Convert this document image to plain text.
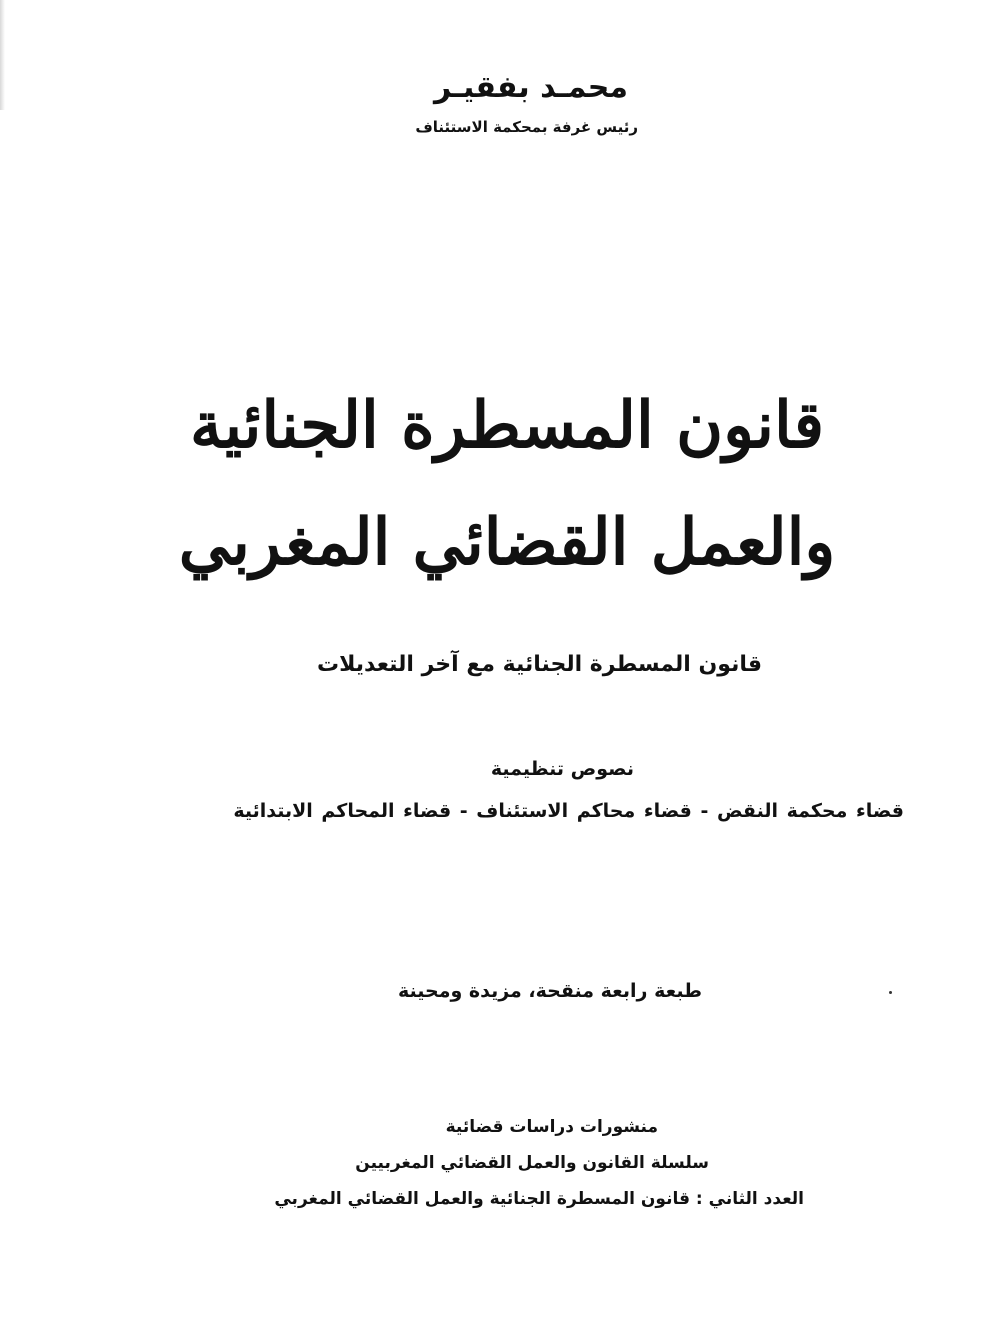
محمـد بفقيـر
رئيس غرفة بمحكمة الاستئناف
قانون المسطرة الجنائية
والعمل القضائي المغربي
قانون المسطرة الجنائية مع آخر التعديلات
نصوص تنظيمية
قضاء محكمة النقض - قضاء محاكم الاستئناف - قضاء المحاكم الابتدائية
طبعة رابعة منقحة، مزيدة ومحينة
منشورات دراسات قضائية
سلسلة القانون والعمل القضائي المغربيين
العدد الثاني : قانون المسطرة الجنائية والعمل القضائي المغربي
